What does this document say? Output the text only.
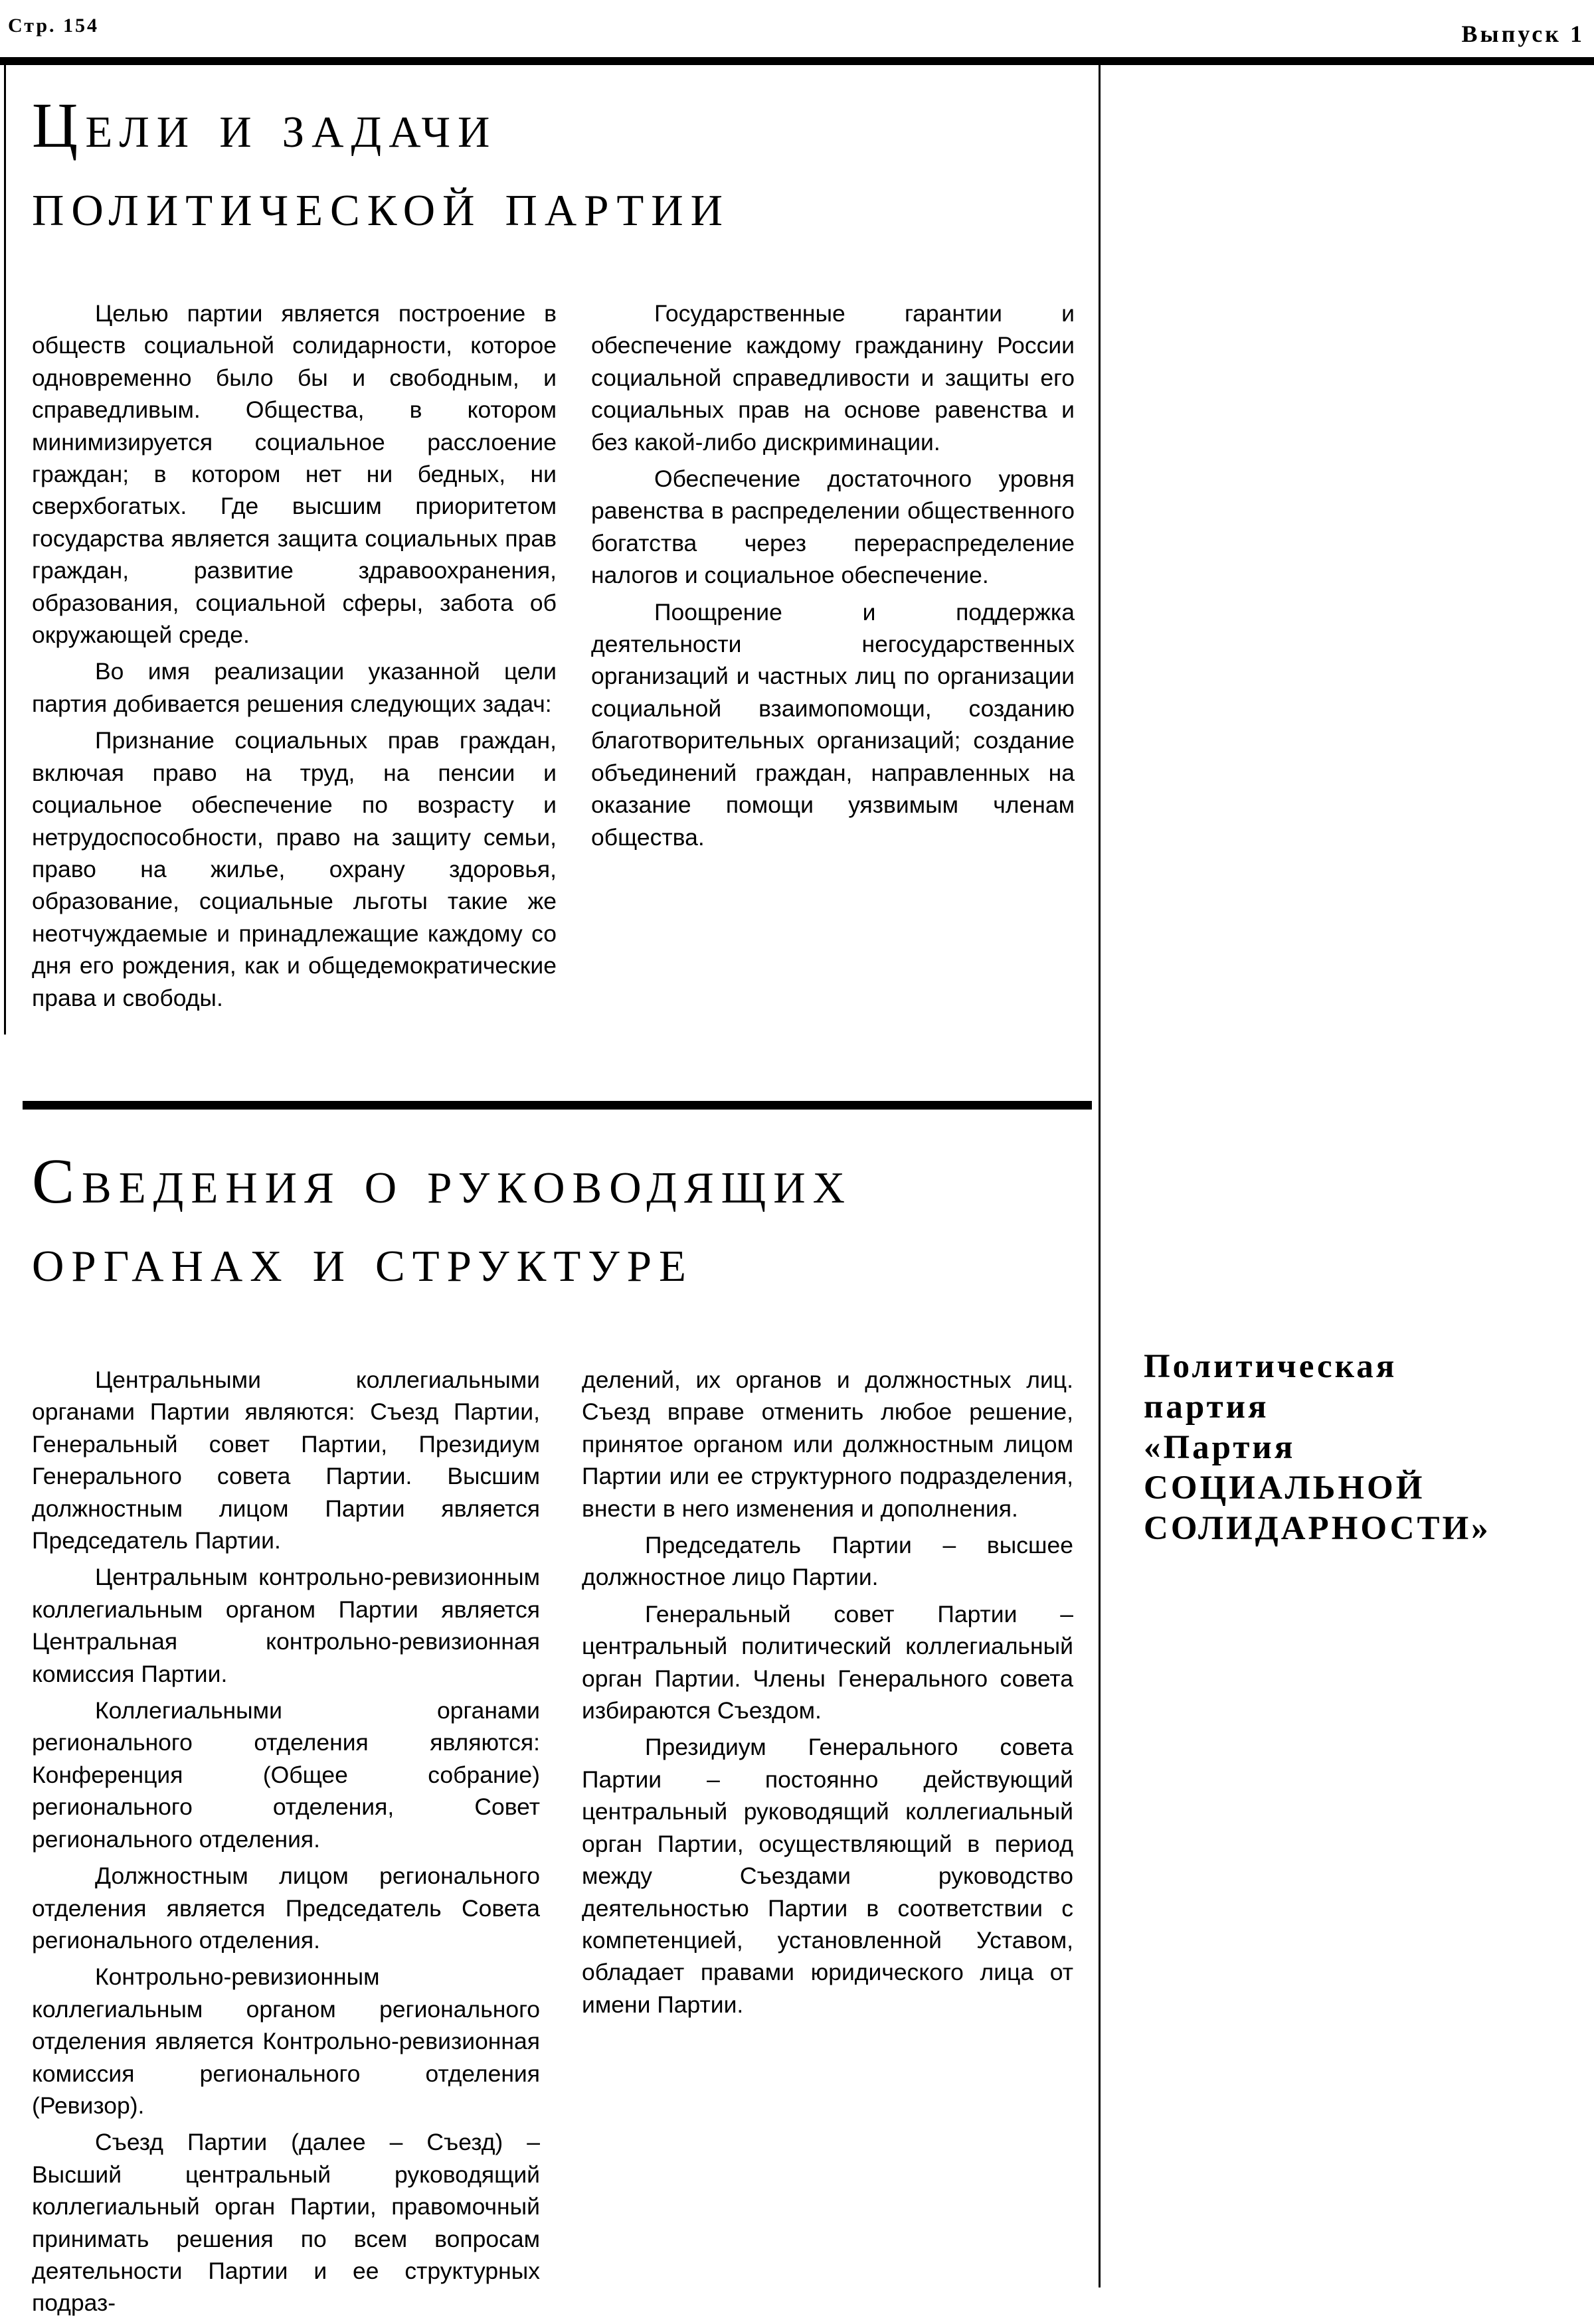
Стр. 154	Выпуск 1
Цели и задачи
политической партии

Целью партии является построение в обществ социальной солидарности, которое одновременно было бы и свободным, и справедливым. Общества, в котором минимизируется социальное расслоение граждан; в котором нет ни бедных, ни сверхбогатых. Где высшим приоритетом государства является защита социальных прав граждан, развитие здравоохранения, образования, социальной сферы, забота об окружающей среде.

Во имя реализации указанной цели партия добивается решения следующих задач:

Признание социальных прав граждан, включая право на труд, на пенсии и социальное обеспечение по возрасту и нетрудоспособности, право на защиту семьи, право на жилье, охрану здоровья, образование, социальные льготы такие же неотчуждаемые и принадлежащие каждому со дня его рождения, как и общедемократические права и свободы.

Государственные гарантии и обеспечение каждому гражданину России социальной справедливости и защиты его социальных прав на основе равенства и без какой-либо дискриминации.

Обеспечение достаточного уровня равенства в распределении общественного богатства через перераспределение налогов и социальное обеспечение.

Поощрение и поддержка деятельности негосударственных организаций и частных лиц по организации социальной взаимопомощи, созданию благотворительных организаций; создание объединений граждан, направленных на оказание помощи уязвимым членам общества.

Сведения о руководящих
органах и структуре

Центральными коллегиальными органами Партии являются: Съезд Партии, Генеральный совет Партии, Президиум Генерального совета Партии. Высшим должностным лицом Партии является Председатель Партии.

Центральным контрольно-ревизионным коллегиальным органом Партии является Центральная контрольно-ревизионная комиссия Партии.

Коллегиальными органами регионального отделения являются: Конференция (Общее собрание) регионального отделения, Совет регионального отделения.

Должностным лицом регионального отделения является Председатель Совета регионального отделения.

Контрольно-ревизионным коллегиальным органом регионального отделения является Контрольно-ревизионная комиссия регионального отделения (Ревизор).

Съезд Партии (далее – Съезд) – Высший центральный руководящий коллегиальный орган Партии, правомочный принимать решения по всем вопросам деятельности Партии и ее структурных подраз-

делений, их органов и должностных лиц. Съезд вправе отменить любое решение, принятое органом или должностным лицом Партии или ее структурного подразделения, внести в него изменения и дополнения.

Председатель Партии – высшее должностное лицо Партии.

Генеральный совет Партии – центральный политический коллегиальный орган Партии. Члены Генерального совета избираются Съездом.

Президиум Генерального совета Партии – постоянно действующий центральный руководящий коллегиальный орган Партии, осуществляющий в период между Съездами руководство деятельностью Партии в соответствии с компетенцией, установленной Уставом, обладает правами юридического лица от имени Партии.

Политическая
партия
«Партия
СОЦИАЛЬНОЙ
СОЛИДАРНОСТИ»
